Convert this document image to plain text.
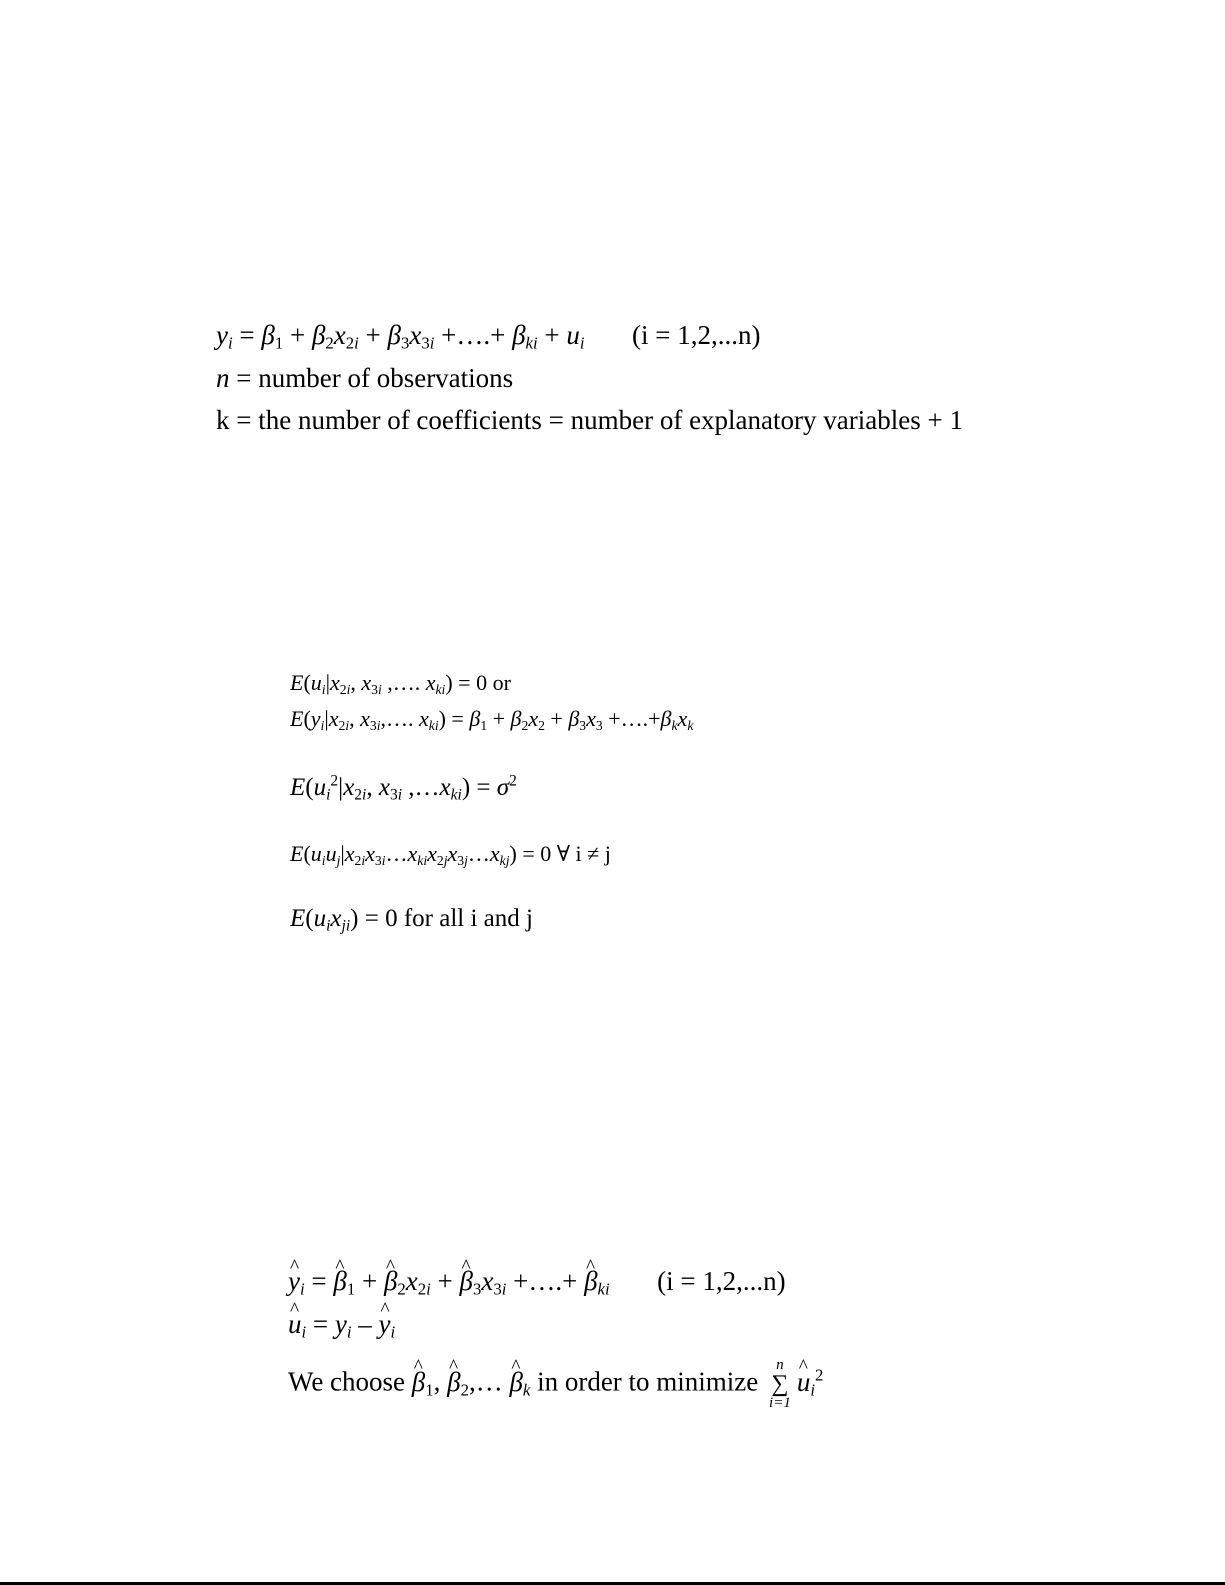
$y_i = \beta_1 + \beta_2x_{2i} + \beta_3x_{3i}$ +….+ $\beta_{ki} + u_i$ (i = 1,2,...n)
n = number of observations
k = the number of coefficients = number of explanatory variables + 1
$E(u_i|x_{2i}$, $x_{3i}$ ,…. $x_{ki}) = 0$ or
$E(y_i|x_{2i}$, $x_{3i},\dots$. $x_{ki}) = \beta_1 + \beta_2x_2 + \beta_3x_3$ $+\dots.+\beta_kx_k$
$E(u_i^2|x_{2i}$, $x_{3i}$ $,\dots x_{ki}) = \sigma^2$
$E(u_iu_j|x_{2i}x_{3i}\dots x_{ki}x_{2j}x_{3j}\dots x_{kj}) = 0$ ∀ i ≠ j
$E(u_ix_{ji}) = 0$ for all i and j
^ $y_i$ = ^ $\beta_1$ + ^ $\beta_2x_{2i}$ + ^ $\beta_3x_{3i}$ +….+ ^ $\beta_{ki}$ (i = 1,2,...n)
^ $u_i = y_i$ – ^ $y_i$
We choose ^ $\beta_1$, ^ $\beta_2,\dots$ ^ $\beta_k$ in order to minimize
n
∑
i=1
^ $u_i^2$
